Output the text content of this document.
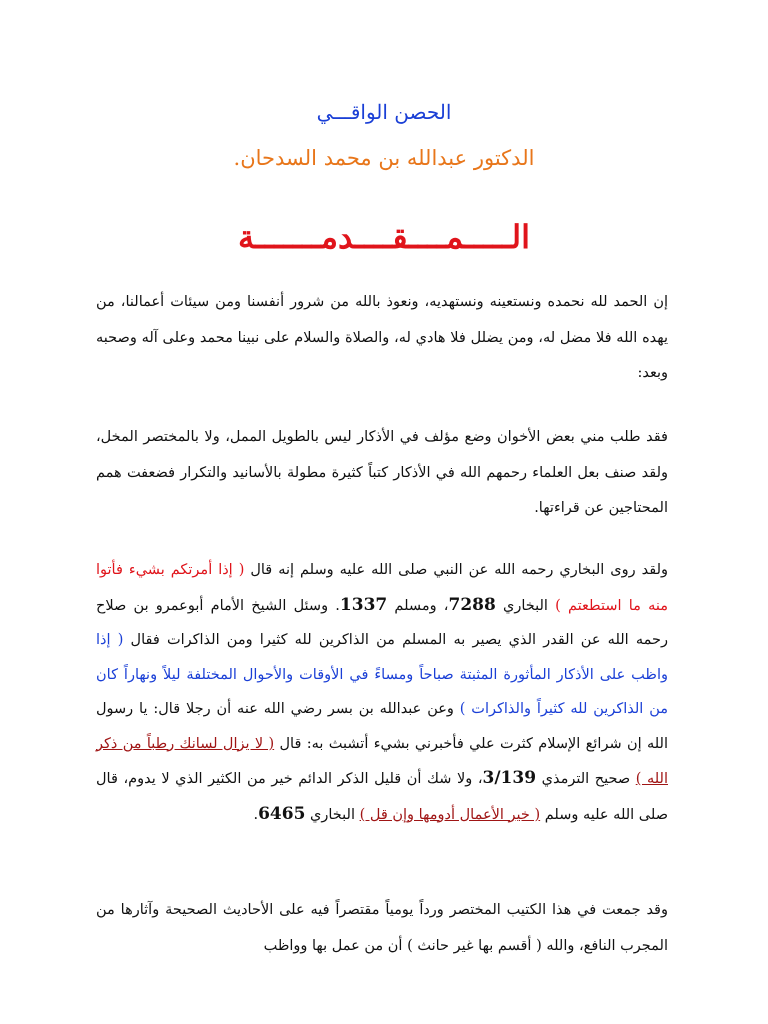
الحصن الواقـــي
الدكتور عبدالله بن محمد السدحان.
الـــــمــــقــــدمـــــــة

إن الحمد لله نحمده ونستعينه ونستهديه، ونعوذ بالله من شرور أنفسنا ومن سيئات أعمالنا، من يهده الله فلا مضل له، ومن يضلل فلا هادي له، والصلاة والسلام على نبينا محمد وعلى آله وصحبه وبعد:

فقد طلب مني بعض الأخوان وضع مؤلف في الأذكار ليس بالطويل الممل، ولا بالمختصر المخل، ولقد صنف بعل العلماء رحمهم الله في الأذكار كتباً كثيرة مطولة بالأسانيد والتكرار فضعفت همم المحتاجين عن قراءتها.

ولقد روى البخاري رحمه الله عن النبي صلى الله عليه وسلم إنه قال ( إذا أمرتكم بشيء فأتوا منه ما استطعتم ) البخاري 7288، ومسلم 1337. وسئل الشيخ الأمام أبوعمرو بن صلاح رحمه الله عن القدر الذي يصير به المسلم من الذاكرين لله كثيرا ومن الذاكرات فقال ( إذا واظب على الأذكار المأثورة المثبتة صباحاً ومساءً في الأوقات والأحوال المختلفة ليلاً ونهاراً كان من الذاكرين لله كثيراً والذاكرات ) وعن عبدالله بن بسر رضي الله عنه أن رجلا قال: يا رسول الله إن شرائع الإسلام كثرت علي فأخبرني بشيء أتشبث به: قال ( لا يزال لسانك رطباً من ذكر الله ) صحيح الترمذي 3/139، ولا شك أن قليل الذكر الدائم خير من الكثير الذي لا يدوم، قال صلى الله عليه وسلم ( خير الأعمال أدومها وإن قل ) البخاري 6465.

وقد جمعت في هذا الكتيب المختصر ورداً يومياً مقتصراً فيه على الأحاديث الصحيحة وآثارها من المجرب النافع، والله ( أقسم بها غير حانث ) أن من عمل بها وواظب
